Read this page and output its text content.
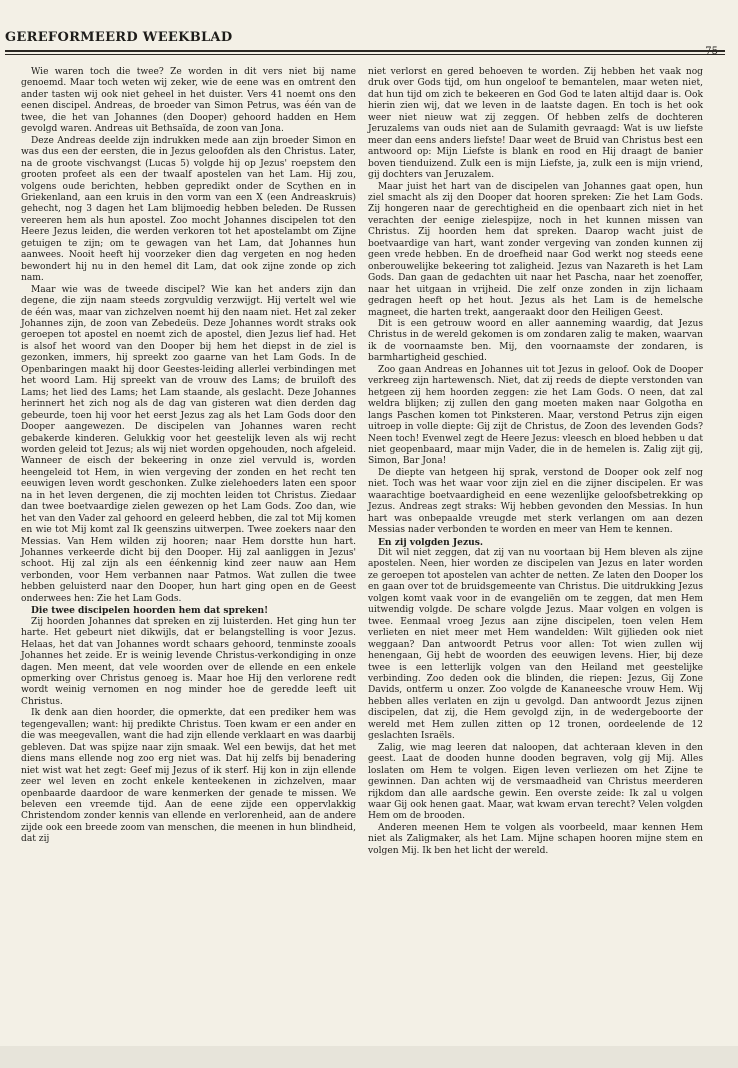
GEREFORMEERD WEEKBLAD

Wie waren toch die twee? Ze worden in dit vers niet bij name genoemd. Maar toch weten wij zeker, wie de eene was en omtrent den ander tasten wij ook niet geheel in het duister. Vers 41 noemt ons den eenen discipel. Andreas, de broeder van Simon Petrus, was één van de twee, die het van Johannes (den Dooper) gehoord hadden en Hem gevolgd waren. Andreas uit Bethsaïda, de zoon van Jona.

Deze Andreas deelde zijn indrukken mede aan zijn broeder Simon en was dus een der eersten, die in Jezus geloofden als den Christus. Later, na de groote vischvangst (Lucas 5) volgde hij op Jezus' roepstem den grooten profeet als een der twaalf apostelen van het Lam. Hij zou, volgens oude berichten, hebben gepredikt onder de Scythen en in Griekenland, aan een kruis in den vorm van een X (een Andreaskruis) gehecht, nog 3 dagen het Lam blijmoedig hebben beleden. De Russen vereeren hem als hun apostel. Zoo mocht Johannes discipelen tot den Heere Jezus leiden, die werden verkoren tot het apostelambt om Zijne getuigen te zijn; om te gewagen van het Lam, dat Johannes hun aanwees. Nooit heeft hij voorzeker dien dag vergeten en nog heden bewondert hij nu in den hemel dit Lam, dat ook zijne zonde op zich nam.

Maar wie was de tweede discipel? Wie kan het anders zijn dan degene, die zijn naam steeds zorgvuldig verzwijgt. Hij vertelt wel wie de één was, maar van zichzelven noemt hij den naam niet. Het zal zeker Johannes zijn, de zoon van Zebedeüs. Deze Johannes wordt straks ook geroepen tot apostel en noemt zich de apostel, dien Jezus lief had. Het is alsof het woord van den Dooper bij hem het diepst in de ziel is gezonken, immers, hij spreekt zoo gaarne van het Lam Gods. In de Openbaringen maakt hij door Geestes-leiding allerlei verbindingen met het woord Lam. Hij spreekt van de vrouw des Lams; de bruiloft des Lams; het lied des Lams; het Lam staande, als geslacht. Deze Johannes herinnert het zich nog als de dag van gisteren wat dien derden dag gebeurde, toen hij voor het eerst Jezus zag als het Lam Gods door den Dooper aangewezen. De discipelen van Johannes waren recht gebakerde kinderen. Gelukkig voor het geestelijk leven als wij recht worden geleid tot Jezus; als wij niet worden opgehouden, noch afgeleid. Wanneer de eisch der bekeering in onze ziel vervuld is, worden heengeleid tot Hem, in wien vergeving der zonden en het recht ten eeuwigen leven wordt geschonken. Zulke zielehoeders laten een spoor na in het leven dergenen, die zij mochten leiden tot Christus. Ziedaar dan twee boetvaardige zielen gewezen op het Lam Gods. Zoo dan, wie het van den Vader zal gehoord en geleerd hebben, die zal tot Mij komen en wie tot Mij komt zal Ik geenszins uitwerpen. Twee zoekers naar den Messias. Van Hem wilden zij hooren; naar Hem dorstte hun hart. Johannes verkeerde dicht bij den Dooper. Hij zal aanliggen in Jezus' schoot. Hij zal zijn als een éénkennig kind zeer nauw aan Hem verbonden, voor Hem verbannen naar Patmos. Wat zullen die twee hebben geluisterd naar den Dooper, hun hart ging open en de Geest onderwees hen: Zie het Lam Gods.

Die twee discipelen hoorden hem dat spreken!

Zij hoorden Johannes dat spreken en zij luisterden. Het ging hun ter harte. Het gebeurt niet dikwijls, dat er belangstelling is voor Jezus. Helaas, het dat van Johannes wordt schaars gehoord, tenminste zooals Johannes het zeide. Er is weinig levende Christus-verkondiging in onze dagen. Men meent, dat vele woorden over de ellende en een enkele opmerking over Christus genoeg is. Maar hoe Hij den verlorene redt wordt weinig vernomen en nog minder hoe de geredde leeft uit Christus.

Ik denk aan dien hoorder, die opmerkte, dat een prediker hem was tegengevallen; want: hij predikte Christus. Toen kwam er een ander en die was meegevallen, want die had zijn ellende verklaart en was daarbij gebleven. Dat was spijze naar zijn smaak. Wel een bewijs, dat het met diens mans ellende nog zoo erg niet was. Dat hij zelfs bij benadering niet wist wat het zegt: Geef mij Jezus of ik sterf. Hij kon in zijn ellende zeer wel leven en zocht enkele kenteekenen in zichzelven, maar openbaarde daardoor de ware kenmerken der genade te missen. We beleven een vreemde tijd. Aan de eene zijde een oppervlakkig Christendom zonder kennis van ellende en verlorenheid, aan de andere zijde ook een breede zoom van menschen, die meenen in hun blindheid, dat zij

niet verlorst en gered behoeven te worden. Zij hebben het vaak nog druk over Gods tijd, om hun ongeloof te bemantelen, maar weten niet, dat hun tijd om zich te bekeeren en God God te laten altijd daar is. Ook hierin zien wij, dat we leven in de laatste dagen. En toch is het ook weer niet nieuw wat zij zeggen. Of hebben zelfs de dochteren Jeruzalems van ouds niet aan de Sulamith gevraagd: Wat is uw liefste meer dan eens anders liefste! Daar weet de Bruid van Christus best een antwoord op: Mijn Liefste is blank en rood en Hij draagt de banier boven tienduizend. Zulk een is mijn Liefste, ja, zulk een is mijn vriend, gij dochters van Jeruzalem.

Maar juist het hart van de discipelen van Johannes gaat open, hun ziel smacht als zij den Dooper dat hooren spreken: Zie het Lam Gods. Zij hongeren naar de gerechtigheid en die openbaart zich niet in het verachten der eenige zielespijze, noch in het kunnen missen van Christus. Zij hoorden hem dat spreken. Daarop wacht juist de boetvaardige van hart, want zonder vergeving van zonden kunnen zij geen vrede hebben. En de droefheid naar God werkt nog steeds eene onberouwelijke bekeering tot zaligheid. Jezus van Nazareth is het Lam Gods. Dan gaan de gedachten uit naar het Pascha, naar het zoenoffer, naar het uitgaan in vrijheid. Die zelf onze zonden in zijn lichaam gedragen heeft op het hout. Jezus als het Lam is de hemelsche magneet, die harten trekt, aangeraakt door den Heiligen Geest.

Dit is een getrouw woord en aller aanneming waardig, dat Jezus Christus in de wereld gekomen is om zondaren zalig te maken, waarvan ik de voornaamste ben. Mij, den voornaamste der zondaren, is barmhartigheid geschied.

Zoo gaan Andreas en Johannes uit tot Jezus in geloof. Ook de Dooper verkreeg zijn hartewensch. Niet, dat zij reeds de diepte verstonden van hetgeen zij hem hoorden zeggen: zie het Lam Gods. O neen, dat zal weldra blijken; zij zullen den gang moeten maken naar Golgotha en langs Paschen komen tot Pinksteren. Maar, verstond Petrus zijn eigen uitroep in volle diepte: Gij zijt de Christus, de Zoon des levenden Gods? Neen toch! Evenwel zegt de Heere Jezus: vleesch en bloed hebben u dat niet geopenbaard, maar mijn Vader, die in de hemelen is. Zalig zijt gij, Simon, Bar Jona!

De diepte van hetgeen hij sprak, verstond de Dooper ook zelf nog niet. Toch was het waar voor zijn ziel en die zijner discipelen. Er was waarachtige boetvaardigheid en eene wezenlijke geloofsbetrekking op Jezus. Andreas zegt straks: Wij hebben gevonden den Messias. In hun hart was onbepaalde vreugde met sterk verlangen om aan dezen Messias nader verbonden te worden en meer van Hem te kennen.

En zij volgden Jezus.

Dit wil niet zeggen, dat zij van nu voortaan bij Hem bleven als zijne apostelen. Neen, hier worden ze discipelen van Jezus en later worden ze geroepen tot apostelen van achter de netten. Ze laten den Dooper los en gaan over tot de bruidsgemeente van Christus. Die uitdrukking Jezus volgen komt vaak voor in de evangeliën om te zeggen, dat men Hem uitwendig volgde. De schare volgde Jezus. Maar volgen en volgen is twee. Eenmaal vroeg Jezus aan zijne discipelen, toen velen Hem verlieten en niet meer met Hem wandelden: Wilt gijlieden ook niet weggaan? Dan antwoordt Petrus voor allen: Tot wien zullen wij henengaan, Gij hebt de woorden des eeuwigen levens. Hier, bij deze twee is een letterlijk volgen van den Heiland met geestelijke verbinding. Zoo deden ook die blinden, die riepen: Jezus, Gij Zone Davids, ontferm u onzer. Zoo volgde de Kananeesche vrouw Hem. Wij hebben alles verlaten en zijn u gevolgd. Dan antwoordt Jezus zijnen discipelen, dat zij, die Hem gevolgd zijn, in de wedergeboorte der wereld met Hem zullen zitten op 12 tronen, oordeelende de 12 geslachten Israëls.

Zalig, wie mag leeren dat naloopen, dat achteraan kleven in den geest. Laat de dooden hunne dooden begraven, volg gij Mij. Alles loslaten om Hem te volgen. Eigen leven verliezen om het Zijne te gewinnen. Dan achten wij de versmaadheid van Christus meerderen rijkdom dan alle aardsche gewin. Een overste zeide: Ik zal u volgen waar Gij ook henen gaat. Maar, wat kwam ervan terecht? Velen volgden Hem om de brooden.

Anderen meenen Hem te volgen als voorbeeld, maar kennen Hem niet als Zaligmaker, als het Lam. Mijne schapen hooren mijne stem en volgen Mij. Ik ben het licht der wereld.
